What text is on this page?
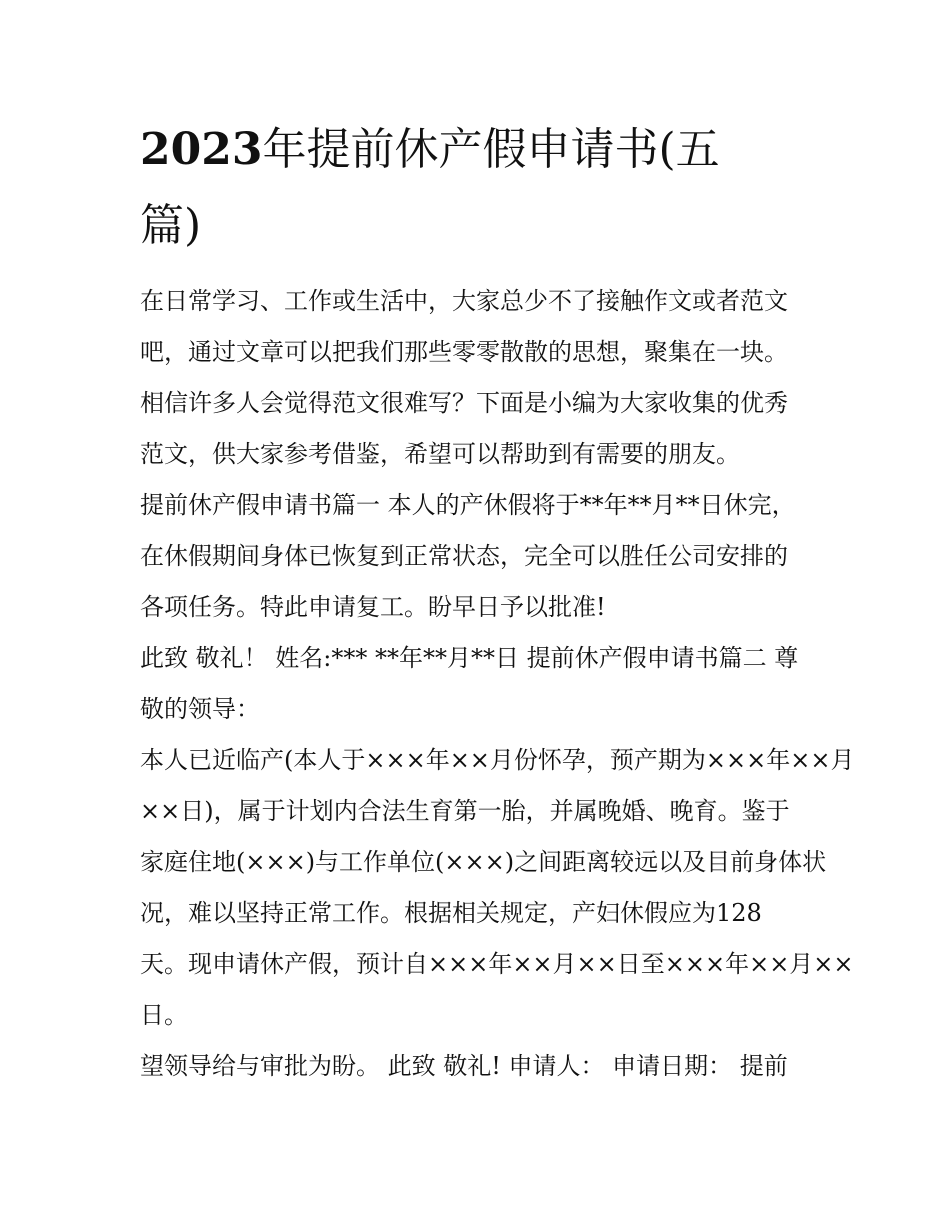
2023年提前休产假申请书(五
篇)
在日常学习、工作或生活中，大家总少不了接触作文或者范文
吧，通过文章可以把我们那些零零散散的思想，聚集在一块。
相信许多人会觉得范文很难写？下面是小编为大家收集的优秀
范文，供大家参考借鉴，希望可以帮助到有需要的朋友。
提前休产假申请书篇一 本人的产休假将于**年**月**日休完，
在休假期间身体已恢复到正常状态，完全可以胜任公司安排的
各项任务。特此申请复工。盼早日予以批准!
此致 敬礼！ 姓名:*** **年**月**日 提前休产假申请书篇二 尊
敬的领导：
本人已近临产(本人于×××年××月份怀孕，预产期为×××年××月
××日)，属于计划内合法生育第一胎，并属晚婚、晚育。鉴于
家庭住地(×××)与工作单位(×××)之间距离较远以及目前身体状
况，难以坚持正常工作。根据相关规定，产妇休假应为128
天。现申请休产假，预计自×××年××月××日至×××年××月××
日。
望领导给与审批为盼。 此致 敬礼! 申请人： 申请日期： 提前
